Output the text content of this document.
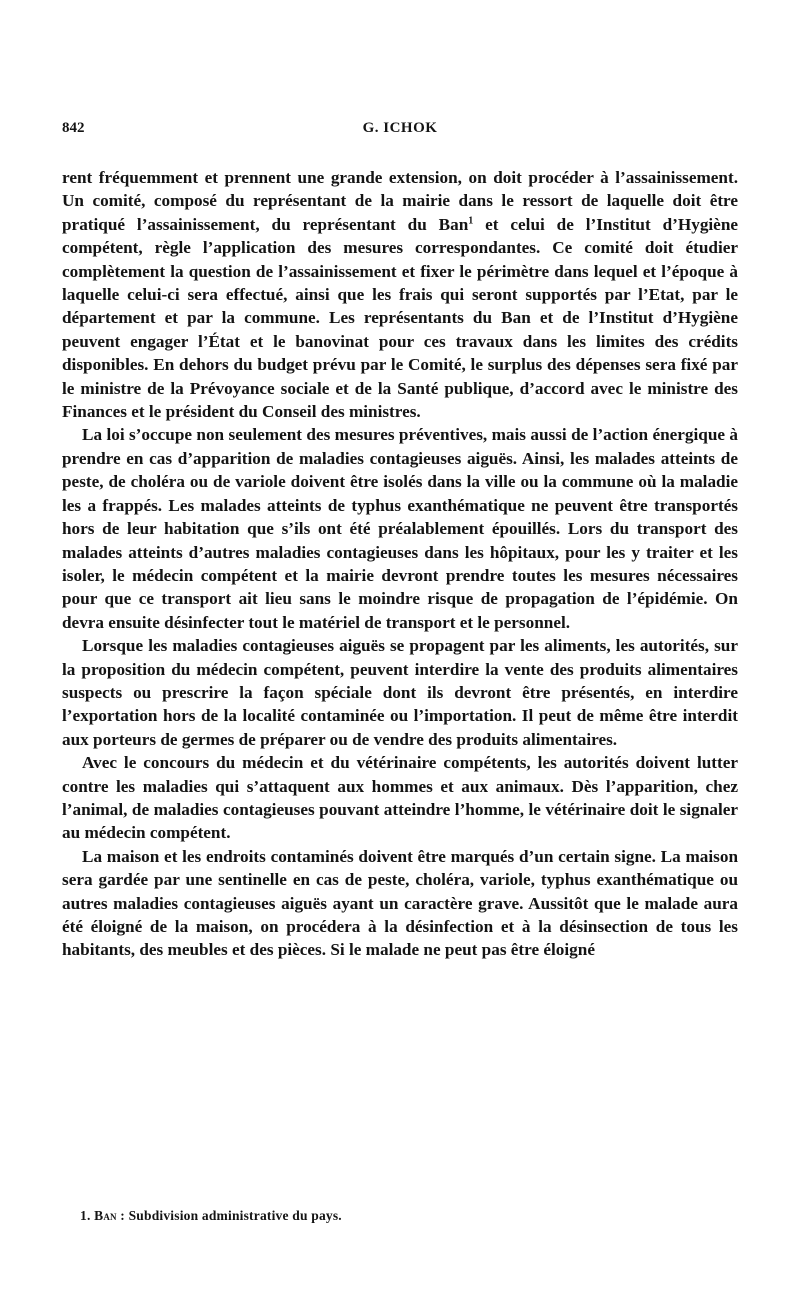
842	G. ICHOK

rent fréquemment et prennent une grande extension, on doit procéder à l’assainissement. Un comité, composé du représentant de la mairie dans le ressort de laquelle doit être pratiqué l’assainissement, du représentant du Ban$^1$ et celui de l’Institut d’Hygiène compétent, règle l’application des mesures correspondantes. Ce comité doit étudier complètement la question de l’assainissement et fixer le périmètre dans lequel et l’époque à laquelle celui-ci sera effectué, ainsi que les frais qui seront supportés par l’Etat, par le département et par la commune. Les représentants du Ban et de l’Institut d’Hygiène peuvent engager l’État et le banovinat pour ces travaux dans les limites des crédits disponibles. En dehors du budget prévu par le Comité, le surplus des dépenses sera fixé par le ministre de la Prévoyance sociale et de la Santé publique, d’accord avec le ministre des Finances et le président du Conseil des ministres.

La loi s’occupe non seulement des mesures préventives, mais aussi de l’action énergique à prendre en cas d’apparition de maladies contagieuses aiguës. Ainsi, les malades atteints de peste, de choléra ou de variole doivent être isolés dans la ville ou la commune où la maladie les a frappés. Les malades atteints de typhus exanthématique ne peuvent être transportés hors de leur habitation que s’ils ont été préalablement épouillés. Lors du transport des malades atteints d’autres maladies contagieuses dans les hôpitaux, pour les y traiter et les isoler, le médecin compétent et la mairie devront prendre toutes les mesures nécessaires pour que ce transport ait lieu sans le moindre risque de propagation de l’épidémie. On devra ensuite désinfecter tout le matériel de transport et le personnel.

Lorsque les maladies contagieuses aiguës se propagent par les aliments, les autorités, sur la proposition du médecin compétent, peuvent interdire la vente des produits alimentaires suspects ou prescrire la façon spéciale dont ils devront être présentés, en interdire l’exportation hors de la localité contaminée ou l’importation. Il peut de même être interdit aux porteurs de germes de préparer ou de vendre des produits alimentaires.

Avec le concours du médecin et du vétérinaire compétents, les autorités doivent lutter contre les maladies qui s’attaquent aux hommes et aux animaux. Dès l’apparition, chez l’animal, de maladies contagieuses pouvant atteindre l’homme, le vétérinaire doit le signaler au médecin compétent.

La maison et les endroits contaminés doivent être marqués d’un certain signe. La maison sera gardée par une sentinelle en cas de peste, choléra, variole, typhus exanthématique ou autres maladies contagieuses aiguës ayant un caractère grave. Aussitôt que le malade aura été éloigné de la maison, on procédera à la désinfection et à la désinsection de tous les habitants, des meubles et des pièces. Si le malade ne peut pas être éloigné

1. Ban : Subdivision administrative du pays.
